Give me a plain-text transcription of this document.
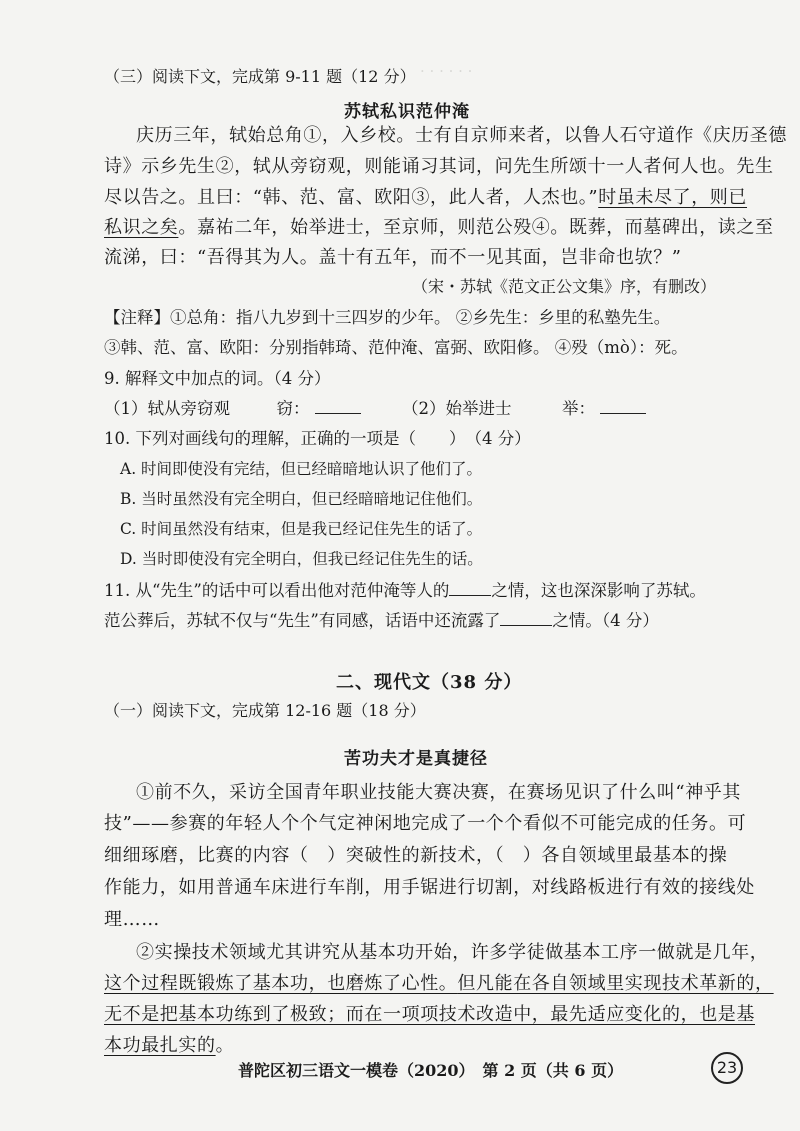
· · · · · ·
（三）阅读下文，完成第 9-11 题（12 分）
苏轼私识范仲淹
庆历三年，轼始总角①，入乡校。士有自京师来者，以鲁人石守道作《庆历圣德
诗》示乡先生②，轼从旁窃观，则能诵习其词，问先生所颂十一人者何人也。先生
尽以告之。且曰：“韩、范、富、欧阳③，此人者，人杰也。”时虽未尽了，则已
私识之矣。嘉祐二年，始举进士，至京师，则范公殁④。既葬，而墓碑出，读之至
流涕，曰：“吾得其为人。盖十有五年，而不一见其面，岂非命也欤？”
（宋・苏轼《范文正公文集》序，有删改）
【注释】①总角：指八九岁到十三四岁的少年。 ②乡先生：乡里的私塾先生。
③韩、范、富、欧阳：分别指韩琦、范仲淹、富弼、欧阳修。 ④殁（mò）：死。
9. 解释文中加点的词。（4 分）
（1）轼从旁窃观	窃：	（2）始举进士	举：
10. 下列对画线句的理解，正确的一项是（　　）　（4 分）
A. 时间即使没有完结，但已经暗暗地认识了他们了。
B. 当时虽然没有完全明白，但已经暗暗地记住他们。
C. 时间虽然没有结束，但是我已经记住先生的话了。
D. 当时即使没有完全明白，但我已经记住先生的话。
11. 从“先生”的话中可以看出他对范仲淹等人的	之情，这也深深影响了苏轼。
范公葬后，苏轼不仅与“先生”有同感，话语中还流露了	之情。（4 分）
二、现代文（38 分）
（一）阅读下文，完成第 12-16 题（18 分）
苦功夫才是真捷径
①前不久，采访全国青年职业技能大赛决赛，在赛场见识了什么叫“神乎其
技”——参赛的年轻人个个气定神闲地完成了一个个看似不可能完成的任务。可
细细琢磨，比赛的内容（　）突破性的新技术，（　）各自领域里最基本的操
作能力，如用普通车床进行车削，用手锯进行切割，对线路板进行有效的接线处
理……
②实操技术领域尤其讲究从基本功开始，许多学徒做基本工序一做就是几年，
这个过程既锻炼了基本功，也磨炼了心性。但凡能在各自领域里实现技术革新的，
无不是把基本功练到了极致；而在一项项技术改造中，最先适应变化的，也是基
本功最扎实的。
普陀区初三语文一模卷（2020）　第 2 页（共 6 页）	23
